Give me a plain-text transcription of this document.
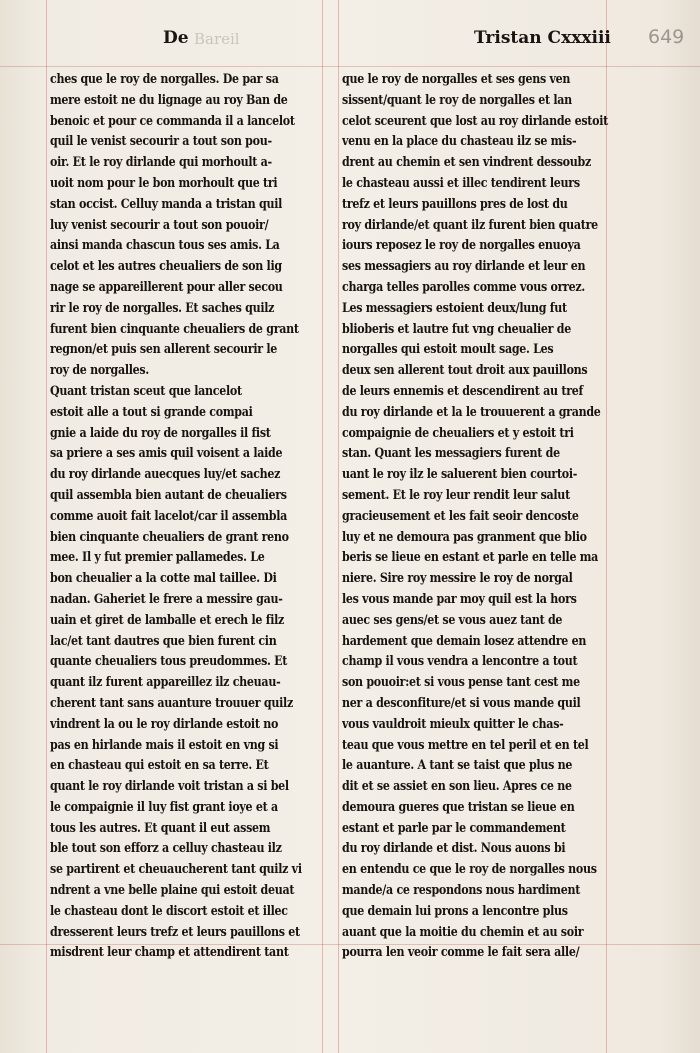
De Bareil	Tristan Cxxxiii 649
ches que le roy de norgalles. De par sa
mere estoit ne du lignage au roy Ban de
benoic et pour ce commanda il a lancelot
quil le venist secourir a tout son pou-
oir. Et le roy dirlande qui morhoult a-
uoit nom pour le bon morhoult que tri
stan occist. Celluy manda a tristan quil
luy venist secourir a tout son pouoir/
ainsi manda chascun tous ses amis. La
celot et les autres cheualiers de son lig
nage se appareillerent pour aller secou
rir le roy de norgalles. Et saches quilz
furent bien cinquante cheualiers de grant
regnon/et puis sen allerent secourir le
roy de norgalles.
Quant tristan sceut que lancelot
estoit alle a tout si grande compai
gnie a laide du roy de norgalles il fist
sa priere a ses amis quil voisent a laide
du roy dirlande auecques luy/et sachez
quil assembla bien autant de cheualiers
comme auoit fait lacelot/car il assembla
bien cinquante cheualiers de grant reno
mee. Il y fut premier pallamedes. Le
bon cheualier a la cotte mal taillee. Di
nadan. Gaheriet le frere a messire gau-
uain et giret de lamballe et erech le filz
lac/et tant dautres que bien furent cin
quante cheualiers tous preudommes. Et
quant ilz furent appareillez ilz cheuau-
cherent tant sans auanture trouuer quilz
vindrent la ou le roy dirlande estoit no
pas en hirlande mais il estoit en vng si
en chasteau qui estoit en sa terre. Et
quant le roy dirlande voit tristan a si bel
le compaignie il luy fist grant ioye et a
tous les autres. Et quant il eut assem
ble tout son efforz a celluy chasteau ilz
se partirent et cheuaucherent tant quilz vi
ndrent a vne belle plaine qui estoit deuat
le chasteau dont le discort estoit et illec
dresserent leurs trefz et leurs pauillons et
misdrent leur champ et attendirent tant
que le roy de norgalles et ses gens ven
sissent/quant le roy de norgalles et lan
celot sceurent que lost au roy dirlande estoit
venu en la place du chasteau ilz se mis-
drent au chemin et sen vindrent dessoubz
le chasteau aussi et illec tendirent leurs
trefz et leurs pauillons pres de lost du
roy dirlande/et quant ilz furent bien quatre
iours reposez le roy de norgalles enuoya
ses messagiers au roy dirlande et leur en
charga telles parolles comme vous orrez.
Les messagiers estoient deux/lung fut
blioberis et lautre fut vng cheualier de
norgalles qui estoit moult sage. Les
deux sen allerent tout droit aux pauillons
de leurs ennemis et descendirent au tref
du roy dirlande et la le trouuerent a grande
compaignie de cheualiers et y estoit tri
stan. Quant les messagiers furent de
uant le roy ilz le saluerent bien courtoi-
sement. Et le roy leur rendit leur salut
gracieusement et les fait seoir dencoste
luy et ne demoura pas granment que blio
beris se lieue en estant et parle en telle ma
niere. Sire roy messire le roy de norgal
les vous mande par moy quil est la hors
auec ses gens/et se vous auez tant de
hardement que demain losez attendre en
champ il vous vendra a lencontre a tout
son pouoir:et si vous pense tant cest me
ner a desconfiture/et si vous mande quil
vous vauldroit mieulx quitter le chas-
teau que vous mettre en tel peril et en tel
le auanture. A tant se taist que plus ne
dit et se assiet en son lieu. Apres ce ne
demoura gueres que tristan se lieue en
estant et parle par le commandement
du roy dirlande et dist. Nous auons bi
en entendu ce que le roy de norgalles nous
mande/a ce respondons nous hardiment
que demain lui prons a lencontre plus
auant que la moitie du chemin et au soir
pourra len veoir comme le fait sera alle/
